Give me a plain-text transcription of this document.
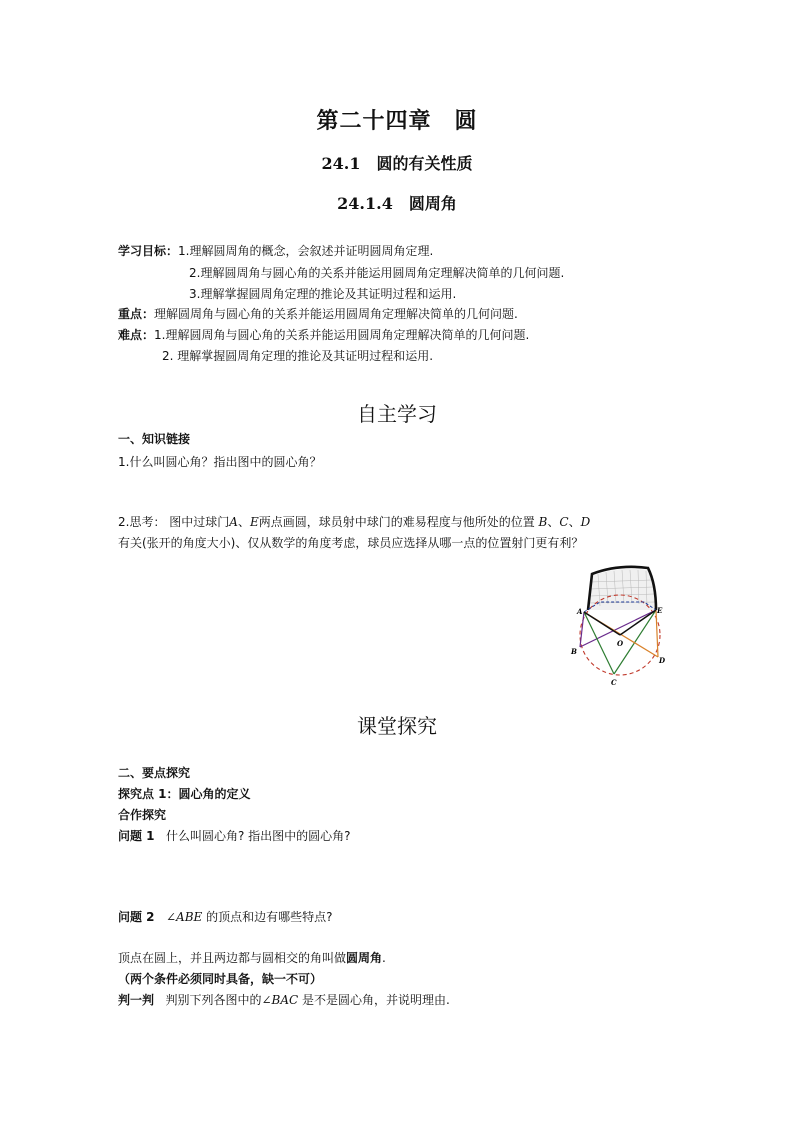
第二十四章　圆
24.1　圆的有关性质
24.1.4　圆周角
学习目标：1.理解圆周角的概念，会叙述并证明圆周角定理.
2.理解圆周角与圆心角的关系并能运用圆周角定理解决简单的几何问题.
3.理解掌握圆周角定理的推论及其证明过程和运用.
重点：理解圆周角与圆心角的关系并能运用圆周角定理解决简单的几何问题.
难点：1.理解圆周角与圆心角的关系并能运用圆周角定理解决简单的几何问题.
2. 理解掌握圆周角定理的推论及其证明过程和运用.
自主学习
一、知识链接
1.什么叫圆心角？指出图中的圆心角？
2.思考： 图中过球门A、E两点画圆，球员射中球门的难易程度与他所处的位置 B、C、D
有关(张开的角度大小)、仅从数学的角度考虑，球员应选择从哪一点的位置射门更有利？
A	E
O
B
C
D
课堂探究
二、要点探究
探究点 1：圆心角的定义
合作探究
问题 1 什么叫圆心角? 指出图中的圆心角?
问题 2 ∠ABE 的顶点和边有哪些特点?
顶点在圆上，并且两边都与圆相交的角叫做圆周角.
（两个条件必须同时具备，缺一不可）
判一判 判别下列各图中的∠BAC 是不是圆心角，并说明理由.
